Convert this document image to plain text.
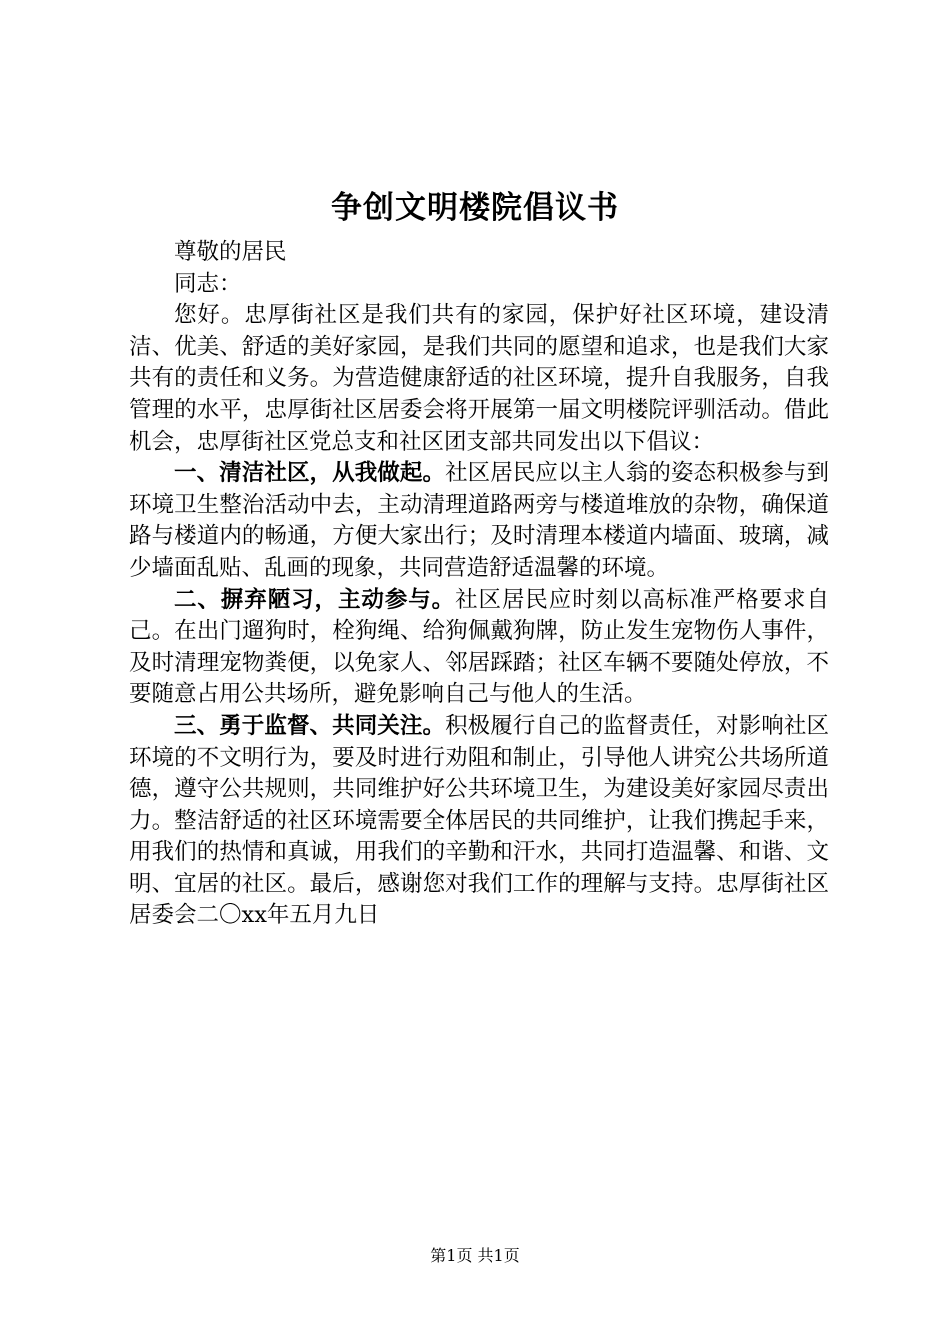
争创文明楼院倡议书

尊敬的居民

同志：

您好。忠厚街社区是我们共有的家园，保护好社区环境，建设清洁、优美、舒适的美好家园，是我们共同的愿望和追求，也是我们大家共有的责任和义务。为营造健康舒适的社区环境，提升自我服务，自我管理的水平，忠厚街社区居委会将开展第一届文明楼院评驯活动。借此机会，忠厚街社区党总支和社区团支部共同发出以下倡议：

一、清洁社区，从我做起。社区居民应以主人翁的姿态积极参与到环境卫生整治活动中去，主动清理道路两旁与楼道堆放的杂物，确保道路与楼道内的畅通，方便大家出行；及时清理本楼道内墙面、玻璃，减少墙面乱贴、乱画的现象，共同营造舒适温馨的环境。

二、摒弃陋习，主动参与。社区居民应时刻以高标准严格要求自己。在出门遛狗时，栓狗绳、给狗佩戴狗牌，防止发生宠物伤人事件，及时清理宠物粪便，以免家人、邻居踩踏；社区车辆不要随处停放，不要随意占用公共场所，避免影响自己与他人的生活。

三、勇于监督、共同关注。积极履行自己的监督责任，对影响社区环境的不文明行为，要及时进行劝阻和制止，引导他人讲究公共场所道德，遵守公共规则，共同维护好公共环境卫生，为建设美好家园尽责出力。整洁舒适的社区环境需要全体居民的共同维护，让我们携起手来，用我们的热情和真诚，用我们的辛勤和汗水，共同打造温馨、和谐、文明、宜居的社区。最后，感谢您对我们工作的理解与支持。忠厚街社区居委会二〇xx年五月九日

第1页 共1页
